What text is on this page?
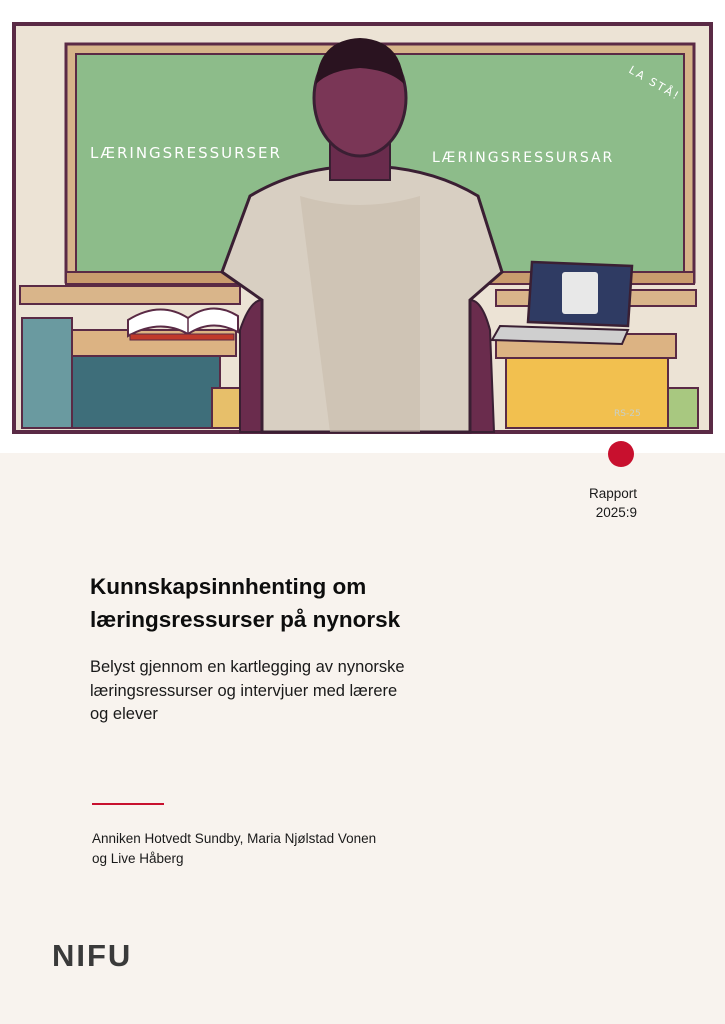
LÆRINGSRESSURSER	LÆRINGSRESSURSAR
LA STÅ!
RS-25
Rapport
2025:9
Kunnskapsinnhenting om
læringsressurser på nynorsk

Belyst gjennom en kartlegging av nynorske
læringsressurser og intervjuer med lærere
og elever

Anniken Hotvedt Sundby, Maria Njølstad Vonen
og Live Håberg

NIFU
